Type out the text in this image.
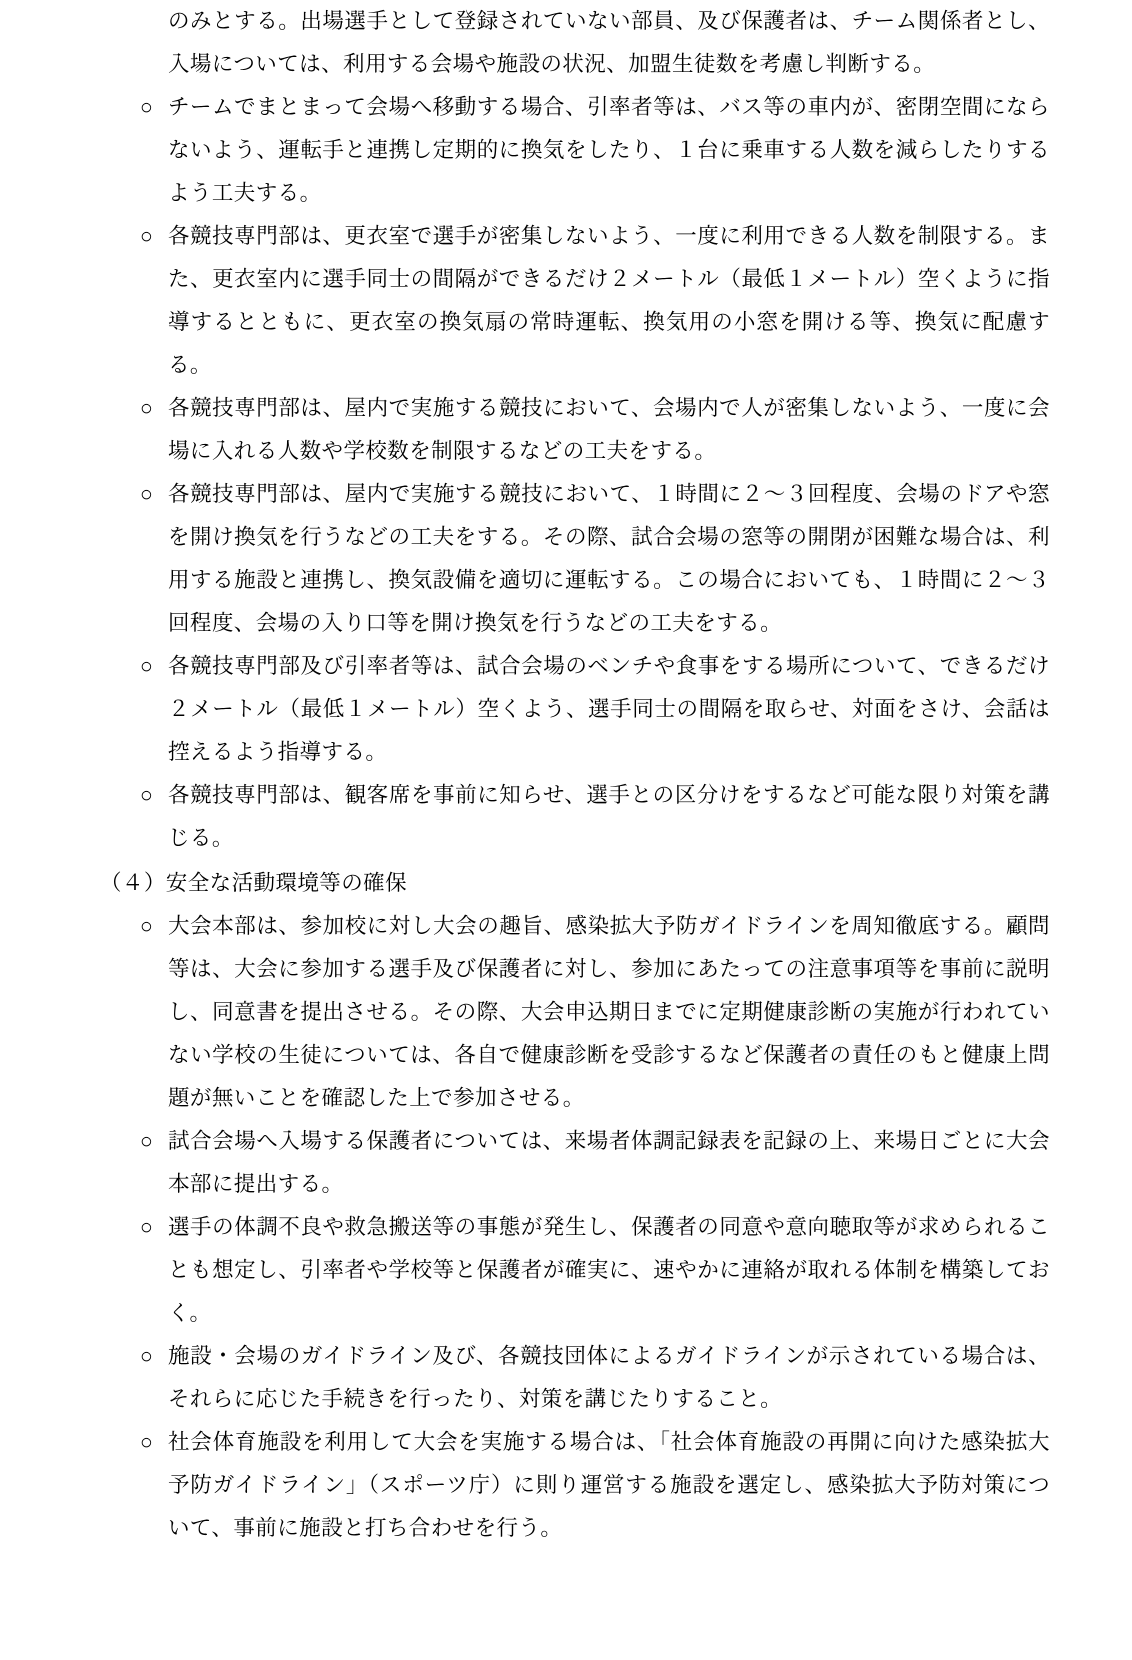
のみとする。出場選手として登録されていない部員、及び保護者は、チーム関係者とし、入場については、利用する会場や施設の状況、加盟生徒数を考慮し判断する。

○ チームでまとまって会場へ移動する場合、引率者等は、バス等の車内が、密閉空間にならないよう、運転手と連携し定期的に換気をしたり、１台に乗車する人数を減らしたりするよう工夫する。
○ 各競技専門部は、更衣室で選手が密集しないよう、一度に利用できる人数を制限する。また、更衣室内に選手同士の間隔ができるだけ２メートル（最低１メートル）空くように指導するとともに、更衣室の換気扇の常時運転、換気用の小窓を開ける等、換気に配慮する。
○ 各競技専門部は、屋内で実施する競技において、会場内で人が密集しないよう、一度に会場に入れる人数や学校数を制限するなどの工夫をする。
○ 各競技専門部は、屋内で実施する競技において、１時間に２～３回程度、会場のドアや窓を開け換気を行うなどの工夫をする。その際、試合会場の窓等の開閉が困難な場合は、利用する施設と連携し、換気設備を適切に運転する。この場合においても、１時間に２～３回程度、会場の入り口等を開け換気を行うなどの工夫をする。
○ 各競技専門部及び引率者等は、試合会場のベンチや食事をする場所について、できるだけ２メートル（最低１メートル）空くよう、選手同士の間隔を取らせ、対面をさけ、会話は控えるよう指導する。
○ 各競技専門部は、観客席を事前に知らせ、選手との区分けをするなど可能な限り対策を講じる。

（４）安全な活動環境等の確保

○ 大会本部は、参加校に対し大会の趣旨、感染拡大予防ガイドラインを周知徹底する。顧問等は、大会に参加する選手及び保護者に対し、参加にあたっての注意事項等を事前に説明し、同意書を提出させる。その際、大会申込期日までに定期健康診断の実施が行われていない学校の生徒については、各自で健康診断を受診するなど保護者の責任のもと健康上問題が無いことを確認した上で参加させる。
○ 試合会場へ入場する保護者については、来場者体調記録表を記録の上、来場日ごとに大会本部に提出する。
○ 選手の体調不良や救急搬送等の事態が発生し、保護者の同意や意向聴取等が求められることも想定し、引率者や学校等と保護者が確実に、速やかに連絡が取れる体制を構築しておく。
○ 施設・会場のガイドライン及び、各競技団体によるガイドラインが示されている場合は、それらに応じた手続きを行ったり、対策を講じたりすること。
○ 社会体育施設を利用して大会を実施する場合は、「社会体育施設の再開に向けた感染拡大予防ガイドライン」（スポーツ庁）に則り運営する施設を選定し、感染拡大予防対策について、事前に施設と打ち合わせを行う。
